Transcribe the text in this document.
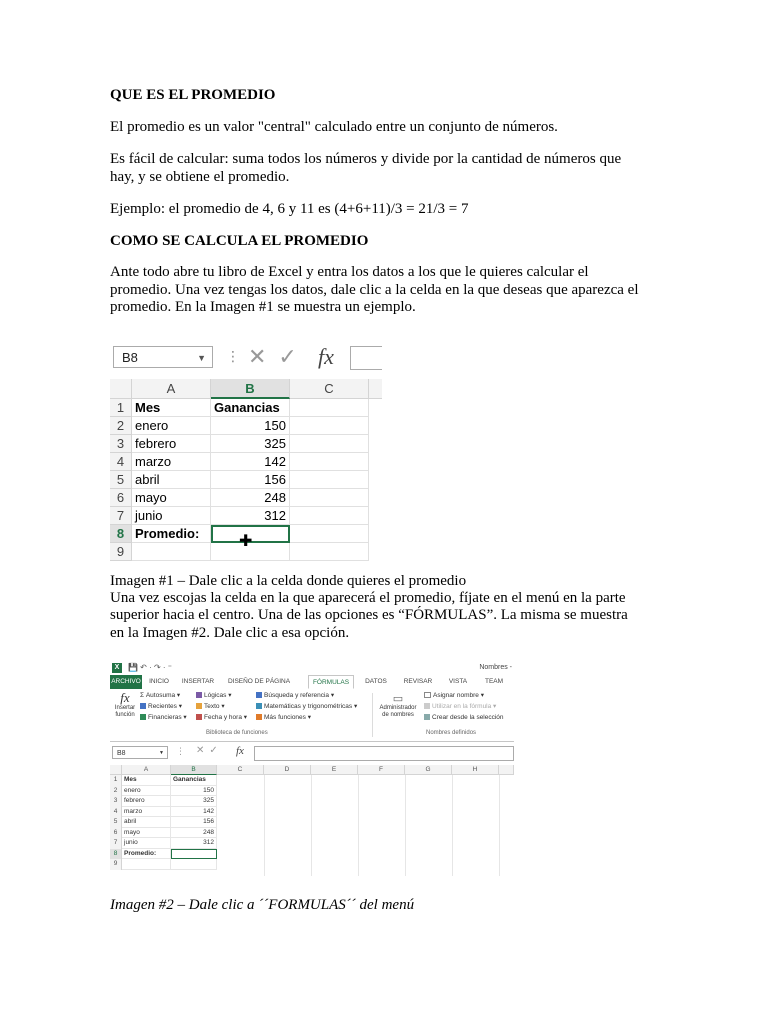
QUE ES EL PROMEDIO

El promedio es un valor "central" calculado entre un conjunto de números.

Es fácil de calcular: suma todos los números y divide por la cantidad de números que

hay, y se obtiene el promedio.

Ejemplo: el promedio de 4, 6 y 11 es (4+6+11)/3 = 21/3 = 7

COMO SE CALCULA EL PROMEDIO

Ante todo abre tu libro de Excel y entra los datos a los que le quieres calcular el

promedio. Una vez tengas los datos, dale clic a la celda en la que deseas que aparezca el

promedio. En la Imagen #1 se muestra un ejemplo.

B8	▼ ⋮ ✕✓ fx
A	B	C
1 Mes	Ganancias
2 enero	150
3 febrero	325
4 marzo	142
5 abril	156
6 mayo	248
7 junio	312
8 Promedio:	✚
9
Imagen #1 – Dale clic a la celda donde quieres el promedio

Una vez escojas la celda en la que aparecerá el promedio, fíjate en el menú en la parte

superior hacia el centro. Una de las opciones es “FÓRMULAS”. La misma se muestra

en la Imagen #2. Dale clic a esa opción.

X	💾 ↶ · ↷ · ⁼	Nombres -
ARCHIVO	INICIO	INSERTAR	DISEÑO DE PÁGINA	FÓRMULAS	DATOS	REVISAR	VISTA	TEAM
fx
Insertar función
Σ Autosuma ▾
Recientes ▾
Financieras ▾
Lógicas ▾
Texto ▾
Fecha y hora ▾
Búsqueda y referencia ▾
Matemáticas y trigonométricas ▾
Más funciones ▾
Biblioteca de funciones
▭
Administrador de nombres
Asignar nombre ▾
Utilizar en la fórmula ▾
Crear desde la selección
Nombres definidos
B8	▼ ⋮ ✕✓ fx
A	B	C	D	E	F	G	H
1	Mes	Ganancias
2	enero	150
3	febrero	325
4	marzo	142
5	abril	156
6	mayo	248
7	junio	312
8	Promedio:
9
Imagen #2 – Dale clic a ´´FORMULAS´´ del menú
